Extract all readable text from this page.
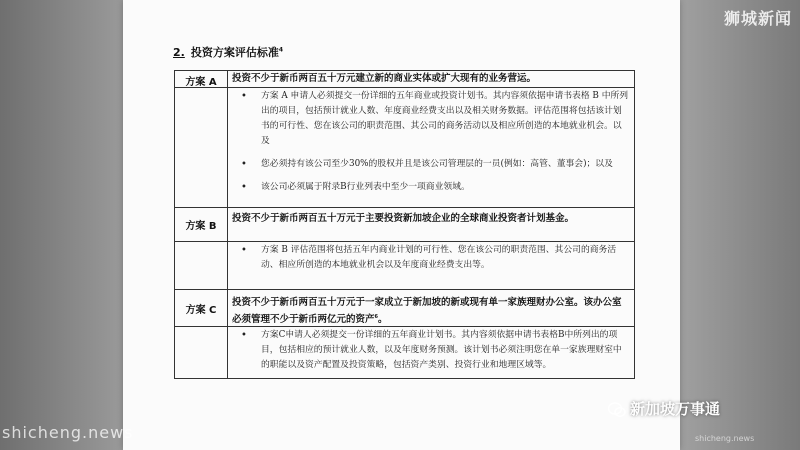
狮城新闻
2. 投资方案评估标准$^4$
方案 A	投资不少于新币两百五十万元建立新的商业实体或扩大现有的业务营运。
• 方案 A 申请人必须提交一份详细的五年商业或投资计划书。其内容须依据申请书表格 B 中所列出的项目，包括预计就业人数、年度商业经费支出以及相关财务数据。评估范围将包括该计划书的可行性、您在该公司的职责范围、其公司的商务活动以及相应所创造的本地就业机会。以及
• 您必须持有该公司至少30%的股权并且是该公司管理层的一员(例如：高管、董事会)；以及
• 该公司必须属于附录B行业列表中至少一项商业领域。
方案 B
投资不少于新币两百五十万元于主要投资新加坡企业的全球商业投资者计划基金。
• 方案 B 评估范围将包括五年内商业计划的可行性、您在该公司的职责范围、其公司的商务活动、相应所创造的本地就业机会以及年度商业经费支出等。
方案 C
投资不少于新币两百五十万元于一家成立于新加坡的新或现有单一家族理财办公室。该办公室必须管理不少于新币两亿元的资产$^6$。
• 方案C申请人必须提交一份详细的五年商业计划书。其内容须依据申请书表格B中所列出的项目，包括相应的预计就业人数，以及年度财务预测。该计划书必须注明您在单一家族理财室中的职能以及资产配置及投资策略，包括资产类别、投资行业和地理区域等。
新加坡万事通
shicheng.news	shicheng.news
